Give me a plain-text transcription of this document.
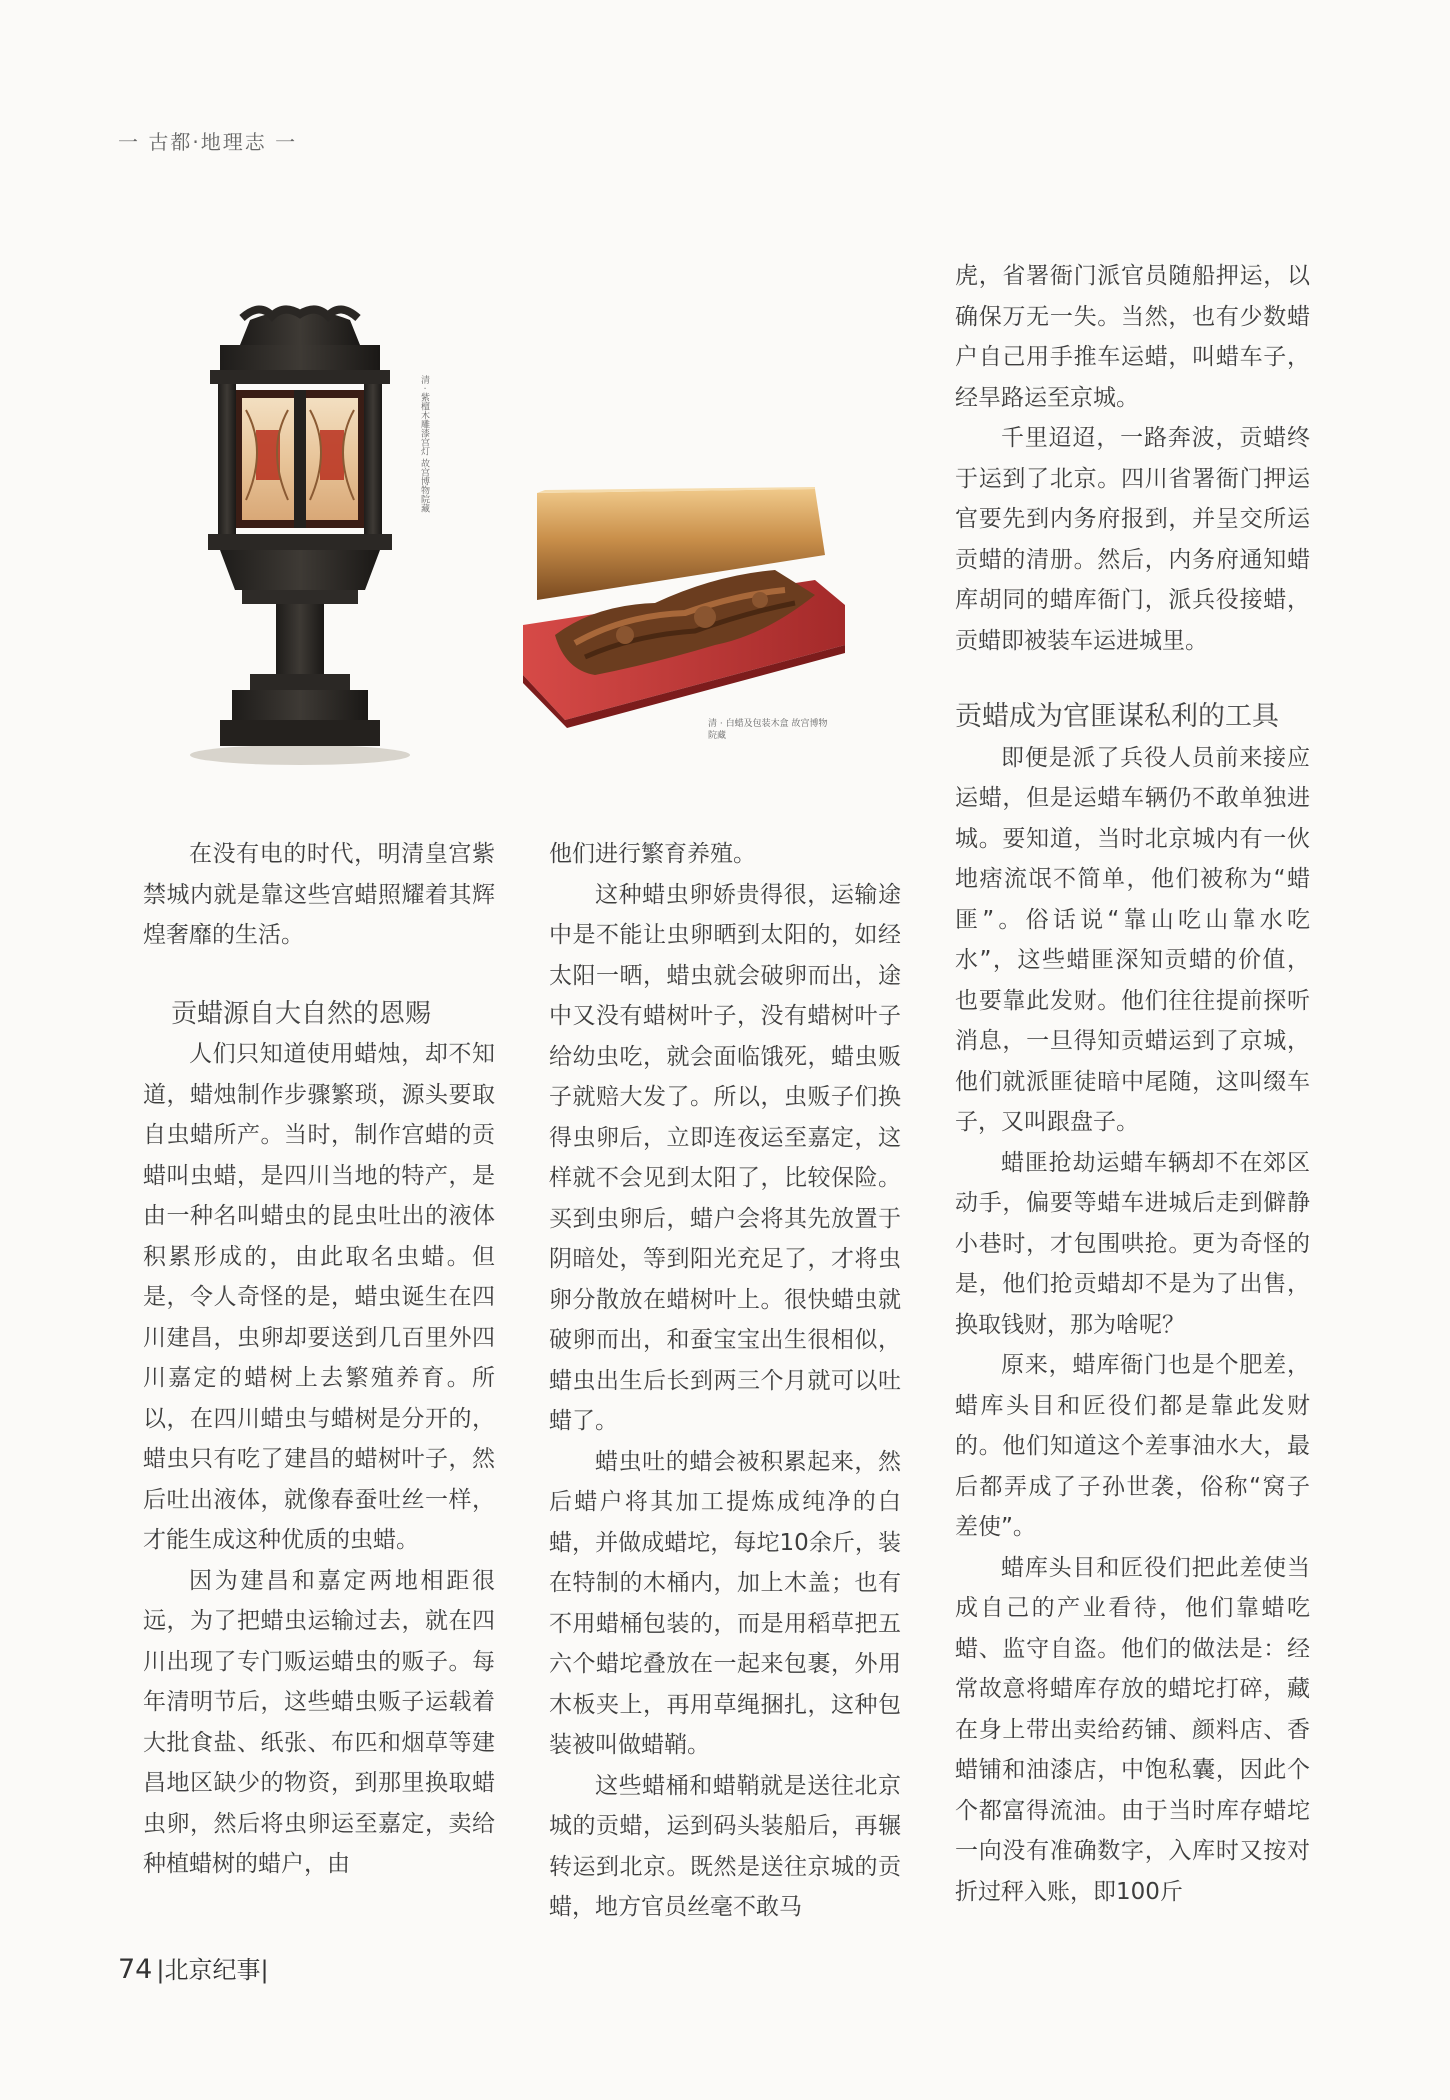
一 古都·地理志 一
清 · 紫檀木雕漆宫灯 故宫博物院藏
清 · 白蜡及包装木盒 故宫博物院藏

在没有电的时代，明清皇宫紫禁城内就是靠这些宫蜡照耀着其辉煌奢靡的生活。

贡蜡源自大自然的恩赐

人们只知道使用蜡烛，却不知道，蜡烛制作步骤繁琐，源头要取自虫蜡所产。当时，制作宫蜡的贡蜡叫虫蜡，是四川当地的特产，是由一种名叫蜡虫的昆虫吐出的液体积累形成的，由此取名虫蜡。但是，令人奇怪的是，蜡虫诞生在四川建昌，虫卵却要送到几百里外四川嘉定的蜡树上去繁殖养育。所以，在四川蜡虫与蜡树是分开的，蜡虫只有吃了建昌的蜡树叶子，然后吐出液体，就像春蚕吐丝一样，才能生成这种优质的虫蜡。

因为建昌和嘉定两地相距很远，为了把蜡虫运输过去，就在四川出现了专门贩运蜡虫的贩子。每年清明节后，这些蜡虫贩子运载着大批食盐、纸张、布匹和烟草等建昌地区缺少的物资，到那里换取蜡虫卵，然后将虫卵运至嘉定，卖给种植蜡树的蜡户，由

他们进行繁育养殖。

这种蜡虫卵娇贵得很，运输途中是不能让虫卵晒到太阳的，如经太阳一晒，蜡虫就会破卵而出，途中又没有蜡树叶子，没有蜡树叶子给幼虫吃，就会面临饿死，蜡虫贩子就赔大发了。所以，虫贩子们换得虫卵后，立即连夜运至嘉定，这样就不会见到太阳了，比较保险。买到虫卵后，蜡户会将其先放置于阴暗处，等到阳光充足了，才将虫卵分散放在蜡树叶上。很快蜡虫就破卵而出，和蚕宝宝出生很相似，蜡虫出生后长到两三个月就可以吐蜡了。

蜡虫吐的蜡会被积累起来，然后蜡户将其加工提炼成纯净的白蜡，并做成蜡坨，每坨10余斤，装在特制的木桶内，加上木盖；也有不用蜡桶包装的，而是用稻草把五六个蜡坨叠放在一起来包裹，外用木板夹上，再用草绳捆扎，这种包装被叫做蜡鞘。

这些蜡桶和蜡鞘就是送往北京城的贡蜡，运到码头装船后，再辗转运到北京。既然是送往京城的贡蜡，地方官员丝毫不敢马

虎，省署衙门派官员随船押运，以确保万无一失。当然，也有少数蜡户自己用手推车运蜡，叫蜡车子，经旱路运至京城。

千里迢迢，一路奔波，贡蜡终于运到了北京。四川省署衙门押运官要先到内务府报到，并呈交所运贡蜡的清册。然后，内务府通知蜡库胡同的蜡库衙门，派兵役接蜡，贡蜡即被装车运进城里。

贡蜡成为官匪谋私利的工具

即便是派了兵役人员前来接应运蜡，但是运蜡车辆仍不敢单独进城。要知道，当时北京城内有一伙地痞流氓不简单，他们被称为“蜡匪”。俗话说“靠山吃山靠水吃水”，这些蜡匪深知贡蜡的价值，也要靠此发财。他们往往提前探听消息，一旦得知贡蜡运到了京城，他们就派匪徒暗中尾随，这叫缀车子，又叫跟盘子。

蜡匪抢劫运蜡车辆却不在郊区动手，偏要等蜡车进城后走到僻静小巷时，才包围哄抢。更为奇怪的是，他们抢贡蜡却不是为了出售，换取钱财，那为啥呢？

原来，蜡库衙门也是个肥差，蜡库头目和匠役们都是靠此发财的。他们知道这个差事油水大，最后都弄成了子孙世袭，俗称“窝子差使”。

蜡库头目和匠役们把此差使当成自己的产业看待，他们靠蜡吃蜡、监守自盗。他们的做法是：经常故意将蜡库存放的蜡坨打碎，藏在身上带出卖给药铺、颜料店、香蜡铺和油漆店，中饱私囊，因此个个都富得流油。由于当时库存蜡坨一向没有准确数字，入库时又按对折过秤入账，即100斤

74 |北京纪事|
